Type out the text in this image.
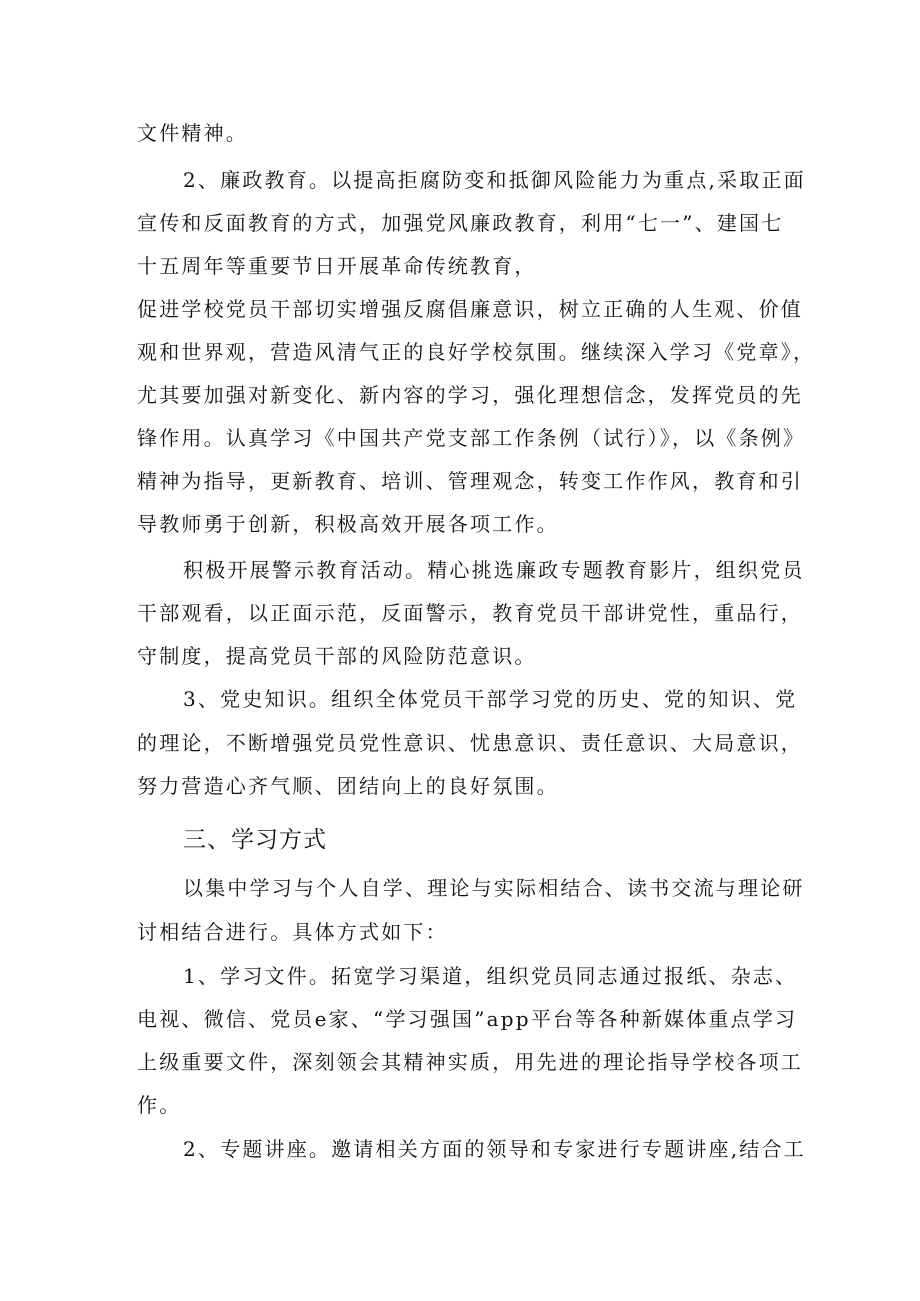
文件精神。
2、廉政教育。以提高拒腐防变和抵御风险能力为重点,采取正面
宣传和反面教育的方式，加强党风廉政教育，利用“七一”、建国七
十五周年等重要节日开展革命传统教育，
促进学校党员干部切实增强反腐倡廉意识，树立正确的人生观、价值
观和世界观，营造风清气正的良好学校氛围。继续深入学习《党章》，
尤其要加强对新变化、新内容的学习，强化理想信念，发挥党员的先
锋作用。认真学习《中国共产党支部工作条例（试行）》，以《条例》
精神为指导，更新教育、培训、管理观念，转变工作作风，教育和引
导教师勇于创新，积极高效开展各项工作。
积极开展警示教育活动。精心挑选廉政专题教育影片，组织党员
干部观看，以正面示范，反面警示，教育党员干部讲党性，重品行，
守制度，提高党员干部的风险防范意识。
3、党史知识。组织全体党员干部学习党的历史、党的知识、党
的理论，不断增强党员党性意识、忧患意识、责任意识、大局意识，
努力营造心齐气顺、团结向上的良好氛围。
三、学习方式
以集中学习与个人自学、理论与实际相结合、读书交流与理论研
讨相结合进行。具体方式如下：
1、学习文件。拓宽学习渠道，组织党员同志通过报纸、杂志、
电视、微信、党员e家、“学习强国”app平台等各种新媒体重点学习
上级重要文件，深刻领会其精神实质，用先进的理论指导学校各项工
作。
2、专题讲座。邀请相关方面的领导和专家进行专题讲座,结合工
